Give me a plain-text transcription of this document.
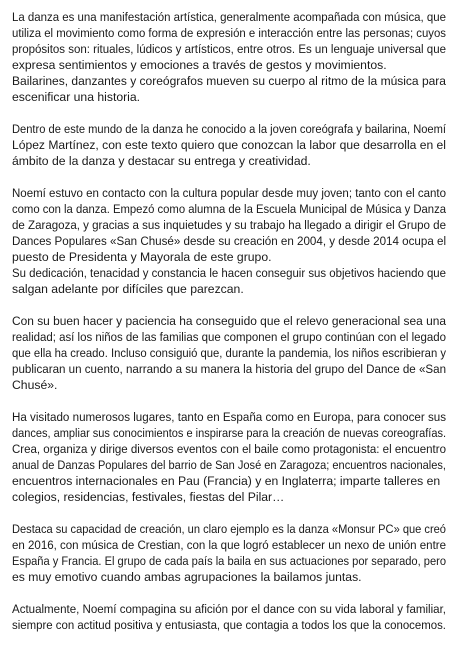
La danza es una manifestación artística, generalmente acompañada con música, que
utiliza el movimiento como forma de expresión e interacción entre las personas; cuyos
propósitos son: rituales, lúdicos y artísticos, entre otros. Es un lenguaje universal que
expresa sentimientos y emociones a través de gestos y movimientos.
Bailarines, danzantes y coreógrafos mueven su cuerpo al ritmo de la música para
escenificar una historia.

Dentro de este mundo de la danza he conocido a la joven coreógrafa y bailarina, Noemí
López Martínez, con este texto quiero que conozcan la labor que desarrolla en el
ámbito de la danza y destacar su entrega y creatividad.

Noemí estuvo en contacto con la cultura popular desde muy joven; tanto con el canto
como con la danza. Empezó como alumna de la Escuela Municipal de Música y Danza
de Zaragoza, y gracias a sus inquietudes y su trabajo ha llegado a dirigir el Grupo de
Dances Populares «San Chusé» desde su creación en 2004, y desde 2014 ocupa el
puesto de Presidenta y Mayorala de este grupo.
Su dedicación, tenacidad y constancia le hacen conseguir sus objetivos haciendo que
salgan adelante por difíciles que parezcan.

Con su buen hacer y paciencia ha conseguido que el relevo generacional sea una
realidad; así los niños de las familias que componen el grupo continúan con el legado
que ella ha creado. Incluso consiguió que, durante la pandemia, los niños escribieran y
publicaran un cuento, narrando a su manera la historia del grupo del Dance de «San
Chusé».

Ha visitado numerosos lugares, tanto en España como en Europa, para conocer sus
dances, ampliar sus conocimientos e inspirarse para la creación de nuevas coreografías.
Crea, organiza y dirige diversos eventos con el baile como protagonista: el encuentro
anual de Danzas Populares del barrio de San José en Zaragoza; encuentros nacionales,
encuentros internacionales en Pau (Francia) y en Inglaterra; imparte talleres en
colegios, residencias, festivales, fiestas del Pilar…

Destaca su capacidad de creación, un claro ejemplo es la danza «Monsur PC» que creó
en 2016, con música de Crestian, con la que logró establecer un nexo de unión entre
España y Francia. El grupo de cada país la baila en sus actuaciones por separado, pero
es muy emotivo cuando ambas agrupaciones la bailamos juntas.

Actualmente, Noemí compagina su afición por el dance con su vida laboral y familiar,
siempre con actitud positiva y entusiasta, que contagia a todos los que la conocemos.
